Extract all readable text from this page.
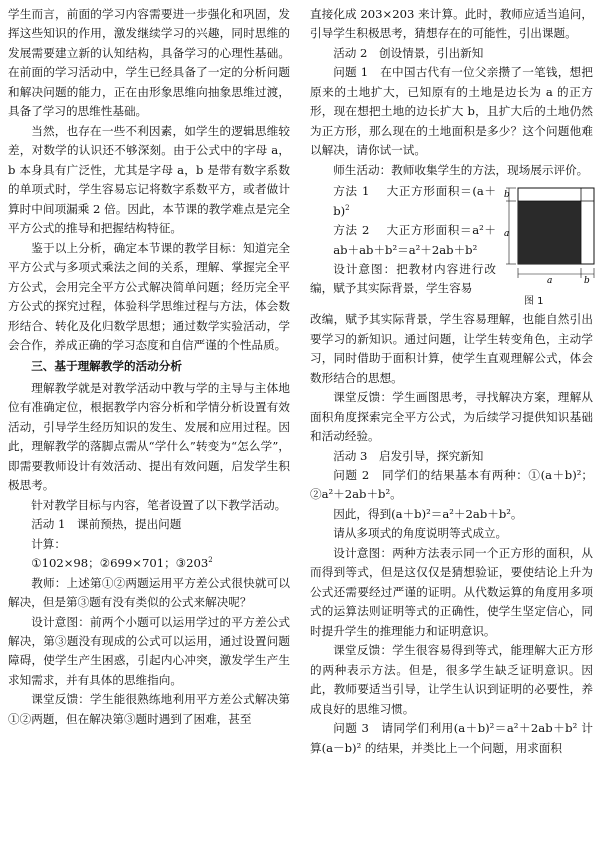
学生而言，前面的学习内容需要进一步强化和巩固，发挥这些知识的作用，激发继续学习的兴趣，同时思维的发展需要建立新的认知结构，具备学习的心理性基础。在前面的学习活动中，学生已经具备了一定的分析问题和解决问题的能力，正在由形象思维向抽象思维过渡，具备了学习的思维性基础。

当然，也存在一些不利因素，如学生的逻辑思维较差，对数学的认识还不够深刻。由于公式中的字母 a，b 本身具有广泛性，尤其是字母 a，b 是带有数字系数的单项式时，学生容易忘记将数字系数平方，或者做计算时中间项漏乘 2 倍。因此，本节课的教学难点是完全平方公式的推导和把握结构特征。

鉴于以上分析，确定本节课的教学目标：知道完全平方公式与多项式乘法之间的关系，理解、掌握完全平方公式，会用完全平方公式解决简单问题；经历完全平方公式的探究过程，体验科学思维过程与方法，体会数形结合、转化及化归数学思想；通过数学实验活动，学会合作，养成正确的学习态度和自信严谨的个性品质。

三、基于理解教学的活动分析

理解教学就是对教学活动中教与学的主导与主体地位有准确定位，根据教学内容分析和学情分析设置有效活动，引导学生经历知识的发生、发展和应用过程。因此，理解教学的落脚点需从“学什么”转变为“怎么学”，即需要教师设计有效活动、提出有效问题，启发学生积极思考。

针对教学目标与内容，笔者设置了以下教学活动。

活动 1　课前预热，提出问题

计算：

①102×98；②699×701；$③203^2$

教师：上述第①②两题运用平方差公式很快就可以解决，但是第③题有没有类似的公式来解决呢？

设计意图：前两个小题可以运用学过的平方差公式解决，第③题没有现成的公式可以运用，通过设置问题障碍，使学生产生困惑，引起内心冲突，激发学生产生求知需求，并有具体的思维指向。

课堂反馈：学生能很熟练地利用平方差公式解决第①②两题，但在解决第③题时遇到了困难，甚至

直接化成 203×203 来计算。此时，教师应适当追问，引导学生积极思考，猜想存在的可能性，引出课题。

活动 2　创设情景，引出新知

问题 1　在中国古代有一位父亲攒了一笔钱，想把原来的土地扩大，已知原有的土地是边长为 a 的正方形，现在想把土地的边长扩大 b，且扩大后的土地仍然为正方形，那么现在的土地面积是多少？这个问题他难以解决，请你试一试。

师生活动：教师收集学生的方法，现场展示评价。

方法 1　 大正方形面积$=(a+b)^2$

方法 2　 大正方形面积＝a²＋ab＋ab＋b²＝a²＋2ab＋b²

设计意图：把教材内容进行改编，赋予其实际背景，学生容易

b
a
a	b
图 1

改编，赋予其实际背景，学生容易理解，也能自然引出要学习的新知识。通过问题，让学生转变角色，主动学习，同时借助于面积计算，使学生直观理解公式，体会数形结合的思想。

课堂反馈：学生画图思考，寻找解决方案，理解从面积角度探索完全平方公式，为后续学习提供知识基础和活动经验。

活动 3　启发引导，探究新知

问题 2　同学们的结果基本有两种：①(a＋b)²；②a²＋2ab＋b²。

因此，得到(a＋b)²＝a²＋2ab＋b²。

请从多项式的角度说明等式成立。

设计意图：两种方法表示同一个正方形的面积，从而得到等式，但是这仅仅是猜想验证，要使结论上升为公式还需要经过严谨的证明。从代数运算的角度用多项式的运算法则证明等式的正确性，使学生坚定信心，同时提升学生的推理能力和证明意识。

课堂反馈：学生很容易得到等式，能理解大正方形的两种表示方法。但是，很多学生缺乏证明意识。因此，教师要适当引导，让学生认识到证明的必要性，养成良好的思维习惯。

问题 3　请同学们利用(a＋b)²＝a²＋2ab＋b² 计算(a－b)² 的结果，并类比上一个问题，用求面积
